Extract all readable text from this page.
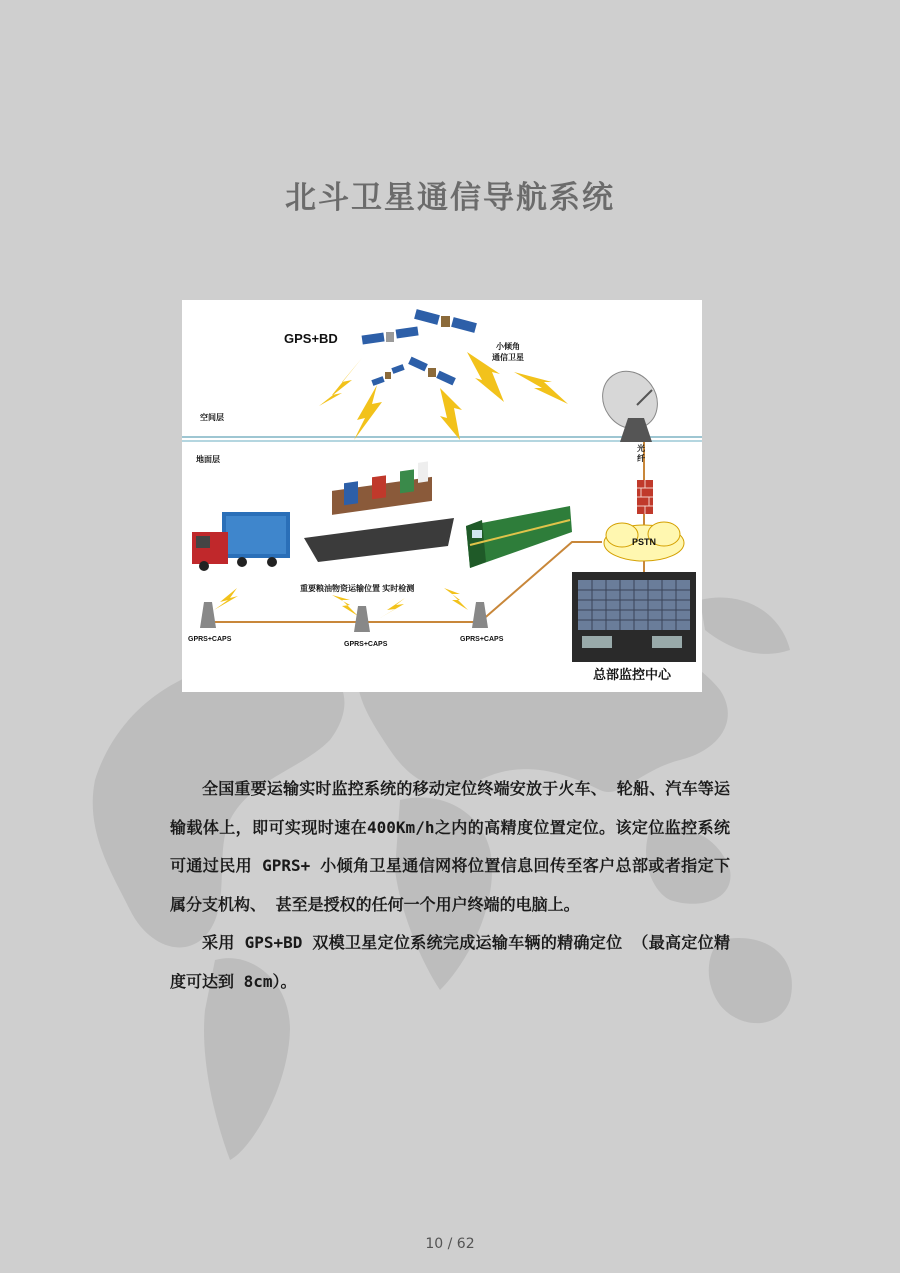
北斗卫星通信导航系统
GPS+BD
小倾角
通信卫星
空间层
地面层
光纤
重要粮油物资运输位置 实时检测
GPRS+CAPS
GPRS+CAPS
GPRS+CAPS
PSTN
总部监控中心

全国重要运输实时监控系统的移动定位终端安放于火车、 轮船、汽车等运输载体上，即可实现时速在400Km/h之内的高精度位置定位。该定位监控系统可通过民用 GPRS+ 小倾角卫星通信网将位置信息回传至客户总部或者指定下属分支机构、 甚至是授权的任何一个用户终端的电脑上。

采用 GPS+BD 双模卫星定位系统完成运输车辆的精确定位 （最高定位精度可达到 8cm）。

10 / 62
